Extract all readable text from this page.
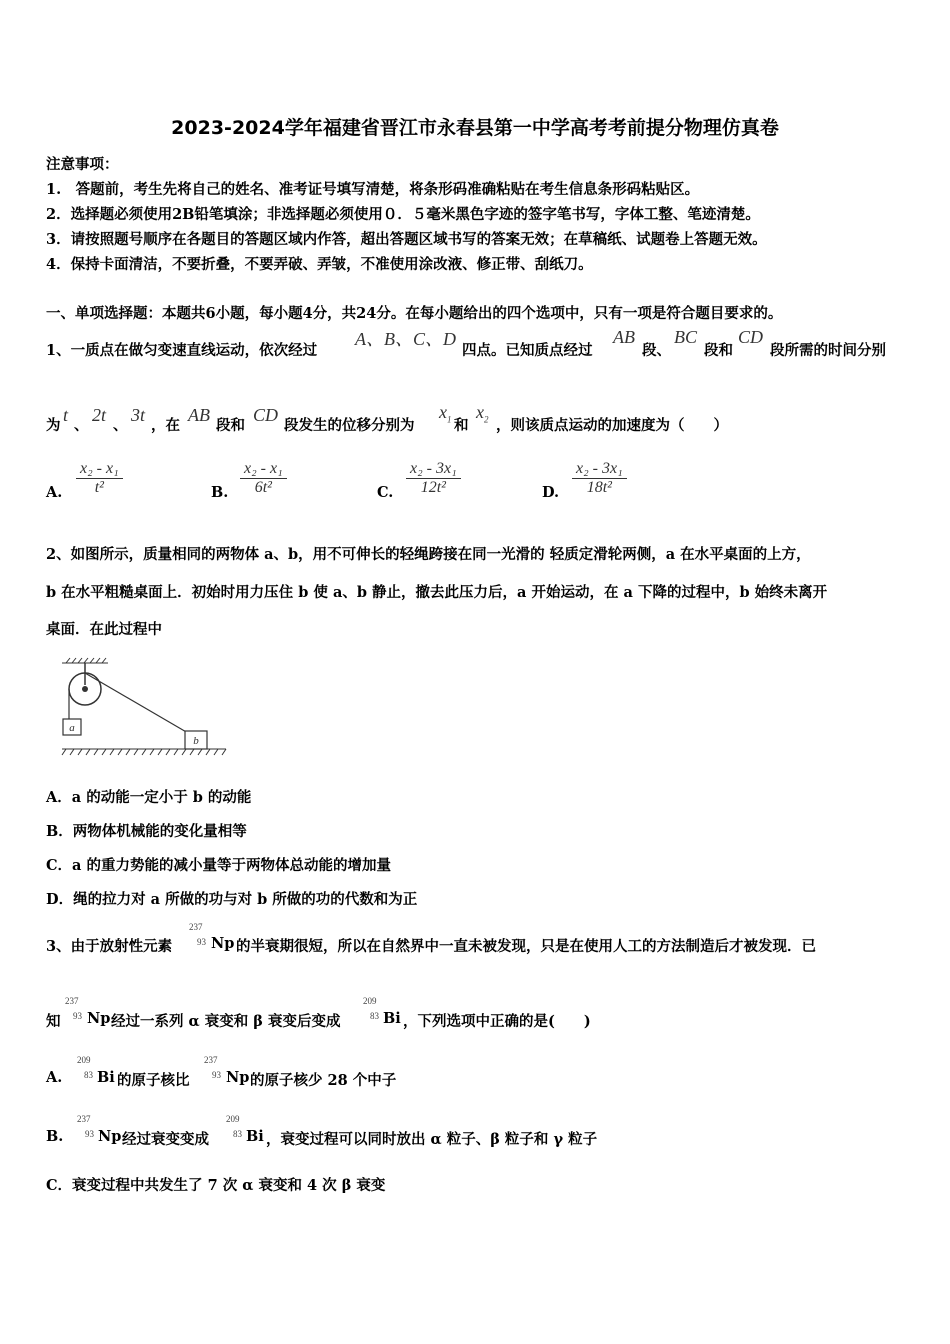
2023-2024学年福建省晋江市永春县第一中学高考考前提分物理仿真卷
注意事项：
1.　答题前，考生先将自己的姓名、准考证号填写清楚，将条形码准确粘贴在考生信息条形码粘贴区。
2．选择题必须使用2B铅笔填涂；非选择题必须使用０．５毫米黑色字迹的签字笔书写，字体工整、笔迹清楚。
3．请按照题号顺序在各题目的答题区域内作答，超出答题区域书写的答案无效；在草稿纸、试题卷上答题无效。
4．保持卡面清洁，不要折叠，不要弄破、弄皱，不准使用涂改液、修正带、刮纸刀。
一、单项选择题：本题共6小题，每小题4分，共24分。在每小题给出的四个选项中，只有一项是符合题目要求的。
1、一质点在做匀变速直线运动，依次经过
A、B、C、D
四点。已知质点经过
AB
段、
BC
段和
CD
段所需的时间分别
为
t
、
2t
、
3t
，在
AB
段和
CD
段发生的位移分别为
$x_1$ 和
$x_2$ ，则该质点运动的加速度为（　　）
A. $\frac{\text{x₂ - x₁}}{\text{t²}}$	B. $\frac{\text{x₂ - x₁}}{\text{6t²}}$	C. $\frac{\text{x₂ - 3x₁}}{\text{12t²}}$	D. $\frac{\text{x₂ - 3x₁}}{\text{18t²}}$
2、如图所示，质量相同的两物体 a、b，用不可伸长的轻绳跨接在同一光滑的 轻质定滑轮两侧，a 在水平桌面的上方，
b 在水平粗糙桌面上．初始时用力压住 b 使 a、b 静止，撤去此压力后，a 开始运动，在 a 下降的过程中，b 始终未离开
桌面．在此过程中
a
b
A．a 的动能一定小于 b 的动能
B．两物体机械能的变化量相等
C．a 的重力势能的减小量等于两物体总动能的增加量
D．绳的拉力对 a 所做的功与对 b 所做的功的代数和为正
3、由于放射性元素
237
93 Np 的半衰期很短，所以在自然界中一直未被发现，只是在使用人工的方法制造后才被发现．已
知
237
93 Np 经过一系列 α 衰变和 β 衰变后变成
209
83 Bi ，下列选项中正确的是(　　)
A.
209
83 Bi 的原子核比
237
93 Np 的原子核少 28 个中子
B.
237
93 Np 经过衰变变成
209
83 Bi ，衰变过程可以同时放出 α 粒子、β 粒子和 γ 粒子
C．衰变过程中共发生了 7 次 α 衰变和 4 次 β 衰变
